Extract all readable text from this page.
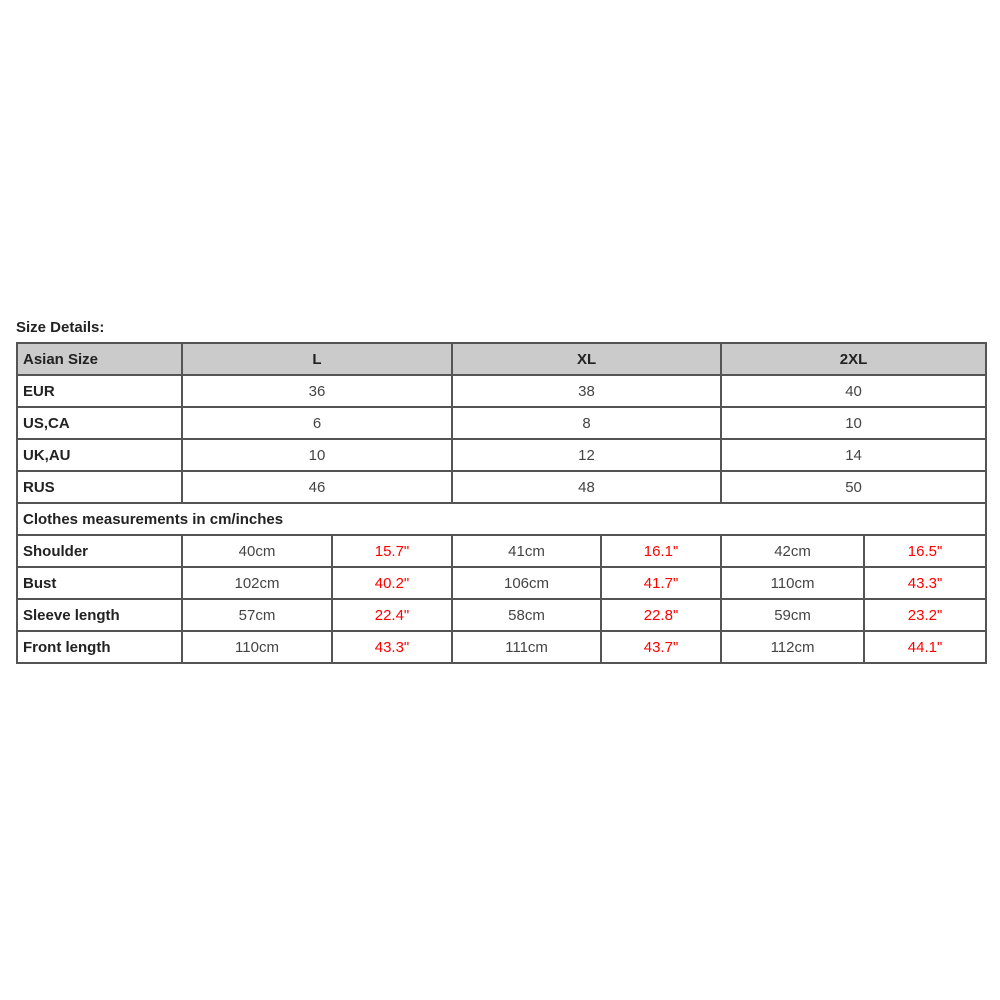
Size Details:
Asian Size	L		XL		2XL	
EUR	36		38		40	
US,CA	6		8		10	
UK,AU	10		12		14	
RUS	46		48		50	
Clothes measurements in cm/inches						
Shoulder	40cm	15.7"	41cm	16.1"	42cm	16.5"
Bust	102cm	40.2"	106cm	41.7"	110cm	43.3"
Sleeve length	57cm	22.4"	58cm	22.8"	59cm	23.2"
Front length	110cm	43.3"	111cm	43.7"	112cm	44.1"
